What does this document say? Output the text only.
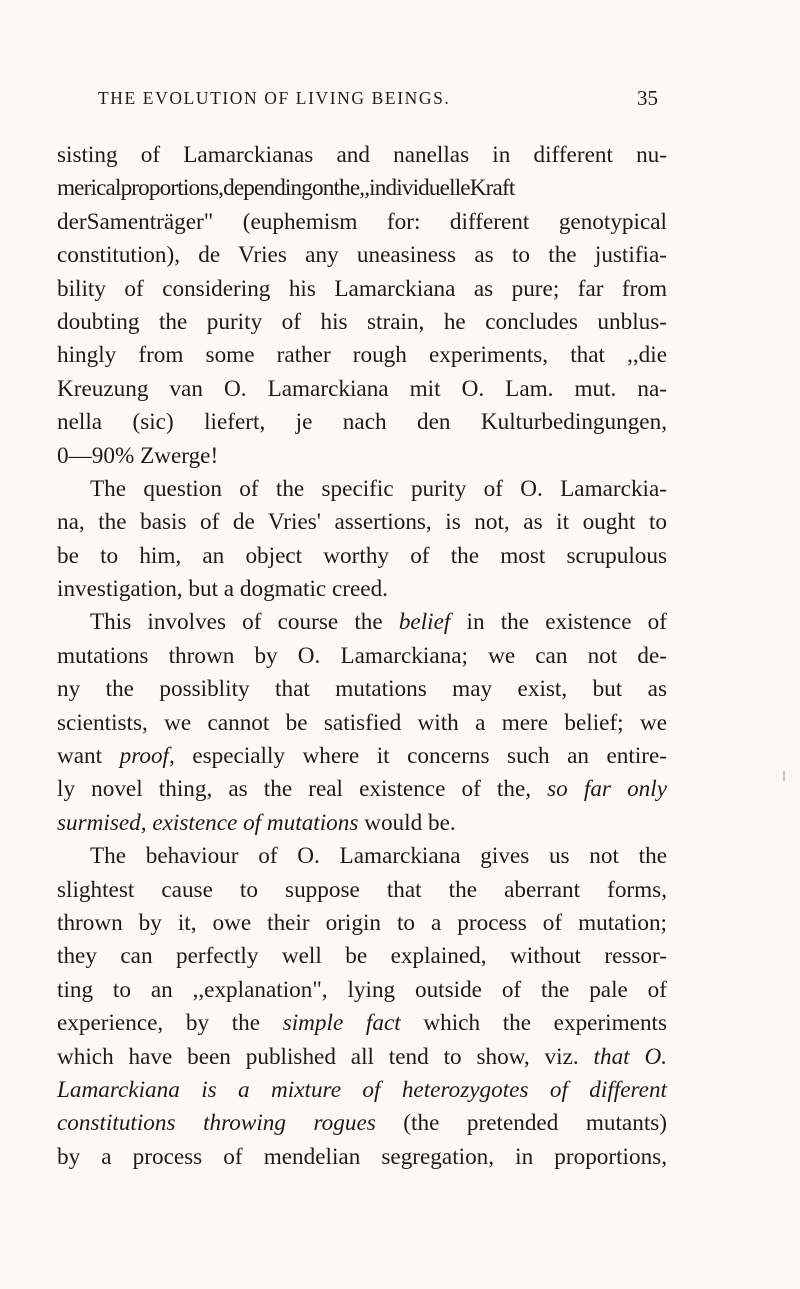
THE EVOLUTION OF LIVING BEINGS.	35
sisting of Lamarckianas and nanellas in different nu-
mericalproportions,dependingonthe,,individuelleKraft
derSamenträger" (euphemism for: different genotypical
constitution), de Vries any uneasiness as to the justifia-
bility of considering his Lamarckiana as pure; far from
doubting the purity of his strain, he concludes unblus-
hingly from some rather rough experiments, that ,,die
Kreuzung van O. Lamarckiana mit O. Lam. mut. na-
nella (sic) liefert, je nach den Kulturbedingungen,
0—90% Zwerge!
The question of the specific purity of O. Lamarckia-
na, the basis of de Vries' assertions, is not, as it ought to
be to him, an object worthy of the most scrupulous
investigation, but a dogmatic creed.
This involves of course the belief in the existence of
mutations thrown by O. Lamarckiana; we can not de-
ny the possiblity that mutations may exist, but as
scientists, we cannot be satisfied with a mere belief; we
want proof, especially where it concerns such an entire-
ly novel thing, as the real existence of the, so far only
surmised, existence of mutations would be.
The behaviour of O. Lamarckiana gives us not the
slightest cause to suppose that the aberrant forms,
thrown by it, owe their origin to a process of mutation;
they can perfectly well be explained, without ressor-
ting to an ,,explanation", lying outside of the pale of
experience, by the simple fact which the experiments
which have been published all tend to show, viz. that O.
Lamarckiana is a mixture of heterozygotes of different
constitutions throwing rogues (the pretended mutants)
by a process of mendelian segregation, in proportions,
